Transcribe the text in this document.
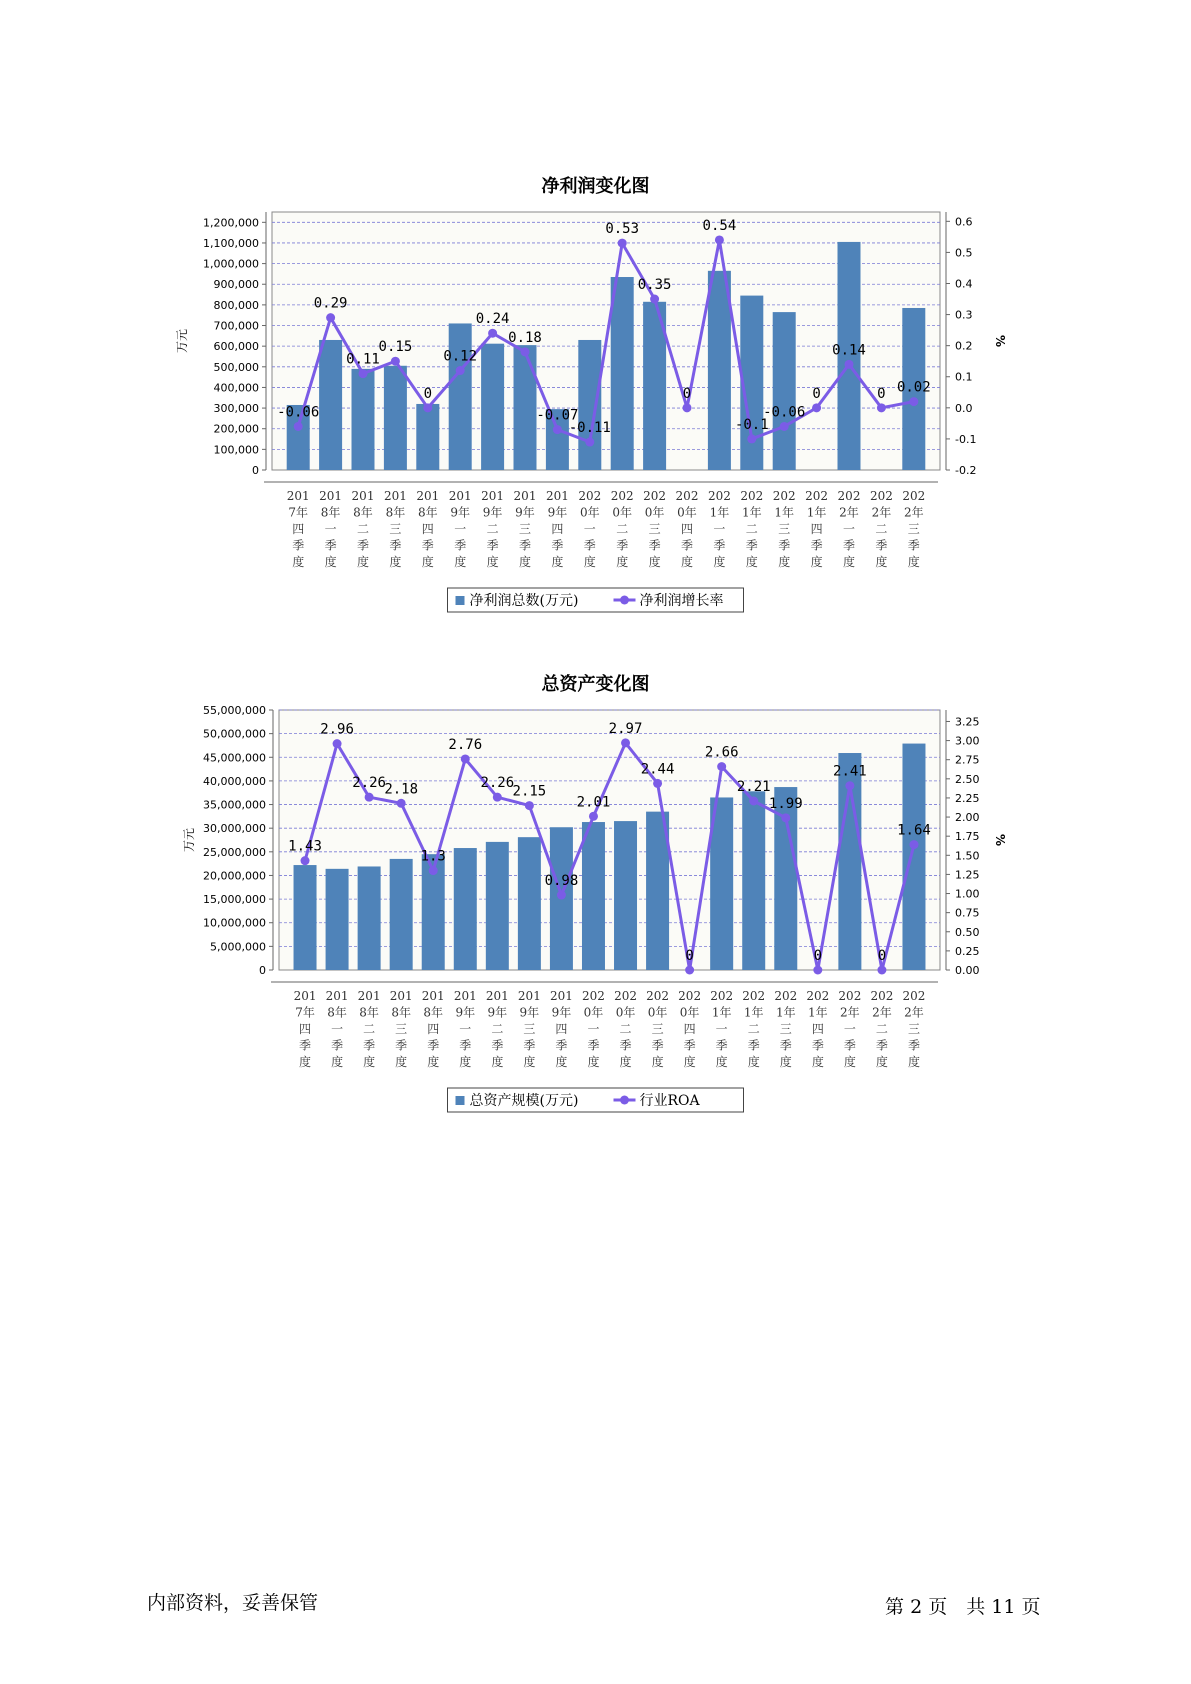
净利润变化图
0
100,000
200,000
300,000
400,000
500,000
600,000
700,000
800,000
900,000
1,000,000
1,100,000
1,200,000
-0.2
-0.1
0.0
0.1
0.2
0.3
0.4
0.5
0.6
万元	%
201 7年四季度
201 8年一季度
201 8年二季度
201 8年三季度
201 8年四季度
201 9年一季度
201 9年二季度
201 9年三季度
201 9年四季度
202 0年一季度
202 0年二季度
202 0年三季度
202 0年四季度
202 1年一季度
202 1年二季度
202 1年三季度
202 1年四季度
202 2年一季度
202 2年二季度
202 2年三季度
-0.06
0.29
0.11
0.15
0
0.12
0.24
0.18
-0.07
-0.11
0.53
0.35
0
0.54
-0.1
-0.06
0
0.14
0 0.02
净利润总数(万元)	净利润增长率
总资产变化图
0
5,000,000
10,000,000
15,000,000
20,000,000
25,000,000
30,000,000
35,000,000
40,000,000
45,000,000
50,000,000
55,000,000
0.00
0.25
0.50
0.75
1.00
1.25
1.50
1.75
2.00
2.25
2.50
2.75
3.00
3.25
万元	%
201 7年四季度
201 8年一季度
201 8年二季度
201 8年三季度
201 8年四季度
201 9年一季度
201 9年二季度
201 9年三季度
201 9年四季度
202 0年一季度
202 0年二季度
202 0年三季度
202 0年四季度
202 1年一季度
202 1年二季度
202 1年三季度
202 1年四季度
202 2年一季度
202 2年二季度
202 2年三季度
1.43
2.96
2.26
2.18
1.3
2.76
2.26
2.15
0.98
2.01
2.97
2.44
0
2.66
2.21
1.99
0
2.41
0
1.64
总资产规模(万元)	行业ROA
内部资料，妥善保管	第 2 页　共 11 页
